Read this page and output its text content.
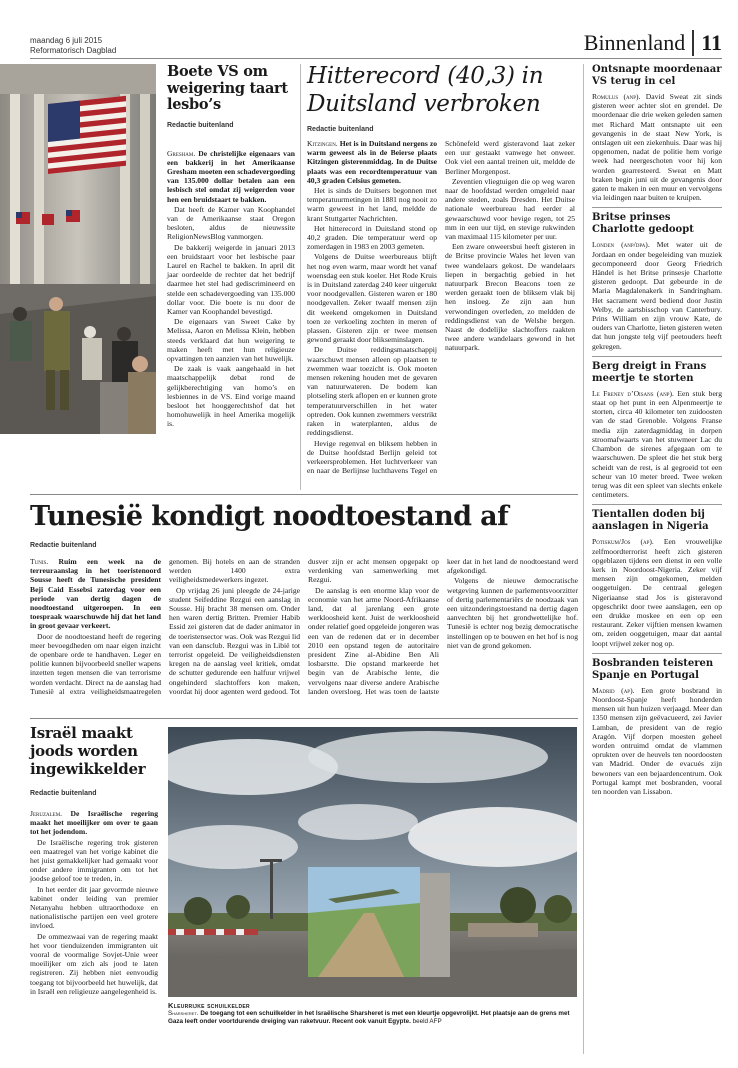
maandag 6 juli 2015
Reformatorisch Dagblad	Binnenland 11
Boete VS om weigering taart lesbo’s
Redactie buitenland

Gresham. De christelijke eigenaars van een bakkerij in het Amerikaanse Gresham moeten een schadevergoeding van 135.000 dollar betalen aan een lesbisch stel omdat zij weigerden voor hen een bruidstaart te bakken.

Dat heeft de Kamer van Koophandel van de Amerikaanse staat Oregon besloten, aldus de nieuwssite ReligionNewsBlog vanmorgen.

De bakkerij weigerde in januari 2013 een bruidstaart voor het lesbische paar Laurel en Rachel te bakken. In april dit jaar oordeelde de rechter dat het bedrijf daarmee het stel had gediscrimineerd en stelde een schadevergoeding van 135.000 dollar voor. Die boete is nu door de Kamer van Koophandel bevestigd.

De eigenaars van Sweet Cake by Melissa, Aaron en Melissa Klein, hebben steeds verklaard dat hun weigering te maken heeft met hun religieuze opvattingen ten aanzien van het huwelijk.

De zaak is vaak aangehaald in het maatschappelijk debat rond de gelijkberechtiging van homo’s en lesbiennes in de VS. Eind vorige maand besloot het hooggerechtshof dat het homohuwelijk in heel Amerika mogelijk is.

Hitterecord (40,3) in Duitsland verbroken
Redactie buitenland

Kitzingen. Het is in Duitsland nergens zo warm geweest als in de Beierse plaats Kitzingen gisterenmiddag. In de Duitse plaats was een recordtemperatuur van 40,3 graden Celsius gemeten.

Het is sinds de Duitsers begonnen met temperatuurmetingen in 1881 nog nooit zo warm geweest in het land, meldde de krant Stuttgarter Nachrichten.

Het hitterecord in Duitsland stond op 40,2 graden. Die temperatuur werd op zomerdagen in 1983 en 2003 gemeten.

Volgens de Duitse weerbureaus blijft het nog even warm, maar wordt het vanaf woensdag een stuk koeler. Het Rode Kruis is in Duitsland zaterdag 240 keer uitgerukt voor noodgevallen. Gisteren waren er 180 noodgevallen. Zeker twaalf mensen zijn dit weekend omgekomen in Duitsland toen ze verkoeling zochten in meren of plassen. Gisteren zijn er twee mensen gewond geraakt door blikseminslagen.

De Duitse reddingsmaatschappij waarschuwt mensen alleen op plaatsen te zwemmen waar toezicht is. Ook moeten mensen rekening houden met de gevaren van natuurwateren. De bodem kan plotseling sterk aflopen en er kunnen grote temperatuurverschillen in het water optreden. Ook kunnen zwemmers verstrikt raken in waterplanten, aldus de reddingsdienst.

Hevige regenval en bliksem hebben in de Duitse hoofdstad Berlijn geleid tot verkeersproblemen. Het luchtverkeer van en naar de Berlijnse luchthavens Tegel en Schönefeld werd gisteravond laat zeker een uur gestaakt vanwege het onweer. Ook viel een aantal treinen uit, meldde de Berliner Morgenpost.

Zeventien vliegtuigen die op weg waren naar de hoofdstad werden omgeleid naar andere steden, zoals Dresden. Het Duitse nationale weerbureau had eerder al gewaarschuwd voor hevige regen, tot 25 mm in een uur tijd, en stevige rukwinden van maximaal 115 kilometer per uur.

Een zware onweersbui heeft gisteren in de Britse provincie Wales het leven van twee wandelaars gekost. De wandelaars liepen in bergachtig gebied in het natuurpark Brecon Beacons toen ze werden geraakt toen de bliksem vlak bij hen insloeg. Ze zijn aan hun verwondingen overleden, zo meldden de reddingsdienst van de Welshe bergen. Naast de dodelijke slachtoffers raakten twee andere wandelaars gewond in het natuurpark.

Ontsnapte moordenaar VS terug in cel

Romulus (anp). David Sweat zit sinds gisteren weer achter slot en grendel. De moordenaar die drie weken geleden samen met Richard Matt ontsnapte uit een gevangenis in de staat New York, is ontslagen uit een ziekenhuis. Daar was hij opgenomen, nadat de politie hem vorige week had neergeschoten voor hij kon worden gearresteerd. Sweat en Matt braken begin juni uit de gevangenis door gaten te maken in een muur en vervolgens via leidingen naar buiten te kruipen.

Britse prinses Charlotte gedoopt

Londen (anp/dpa). Met water uit de Jordaan en onder begeleiding van muziek gecomponeerd door Georg Friedrich Händel is het Britse prinsesje Charlotte gisteren gedoopt. Dat gebeurde in de Maria Magdalenakerk in Sandringham. Het sacrament werd bediend door Justin Welby, de aartsbisschop van Canterbury. Prins William en zijn vrouw Kate, de ouders van Charlotte, lieten gisteren weten dat hun jongste telg vijf peetouders heeft gekregen.

Berg dreigt in Frans meertje te storten

Le Freney d’Oisans (anp). Een stuk berg staat op het punt in een Alpenmeertje te storten, circa 40 kilometer ten zuidoosten van de stad Grenoble. Volgens Franse media zijn zaterdagmiddag in dorpen stroomafwaarts van het stuwmeer Lac du Chambon de sirenes afgegaan om te waarschuwen. De spleet die het stuk berg scheidt van de rest, is al gegroeid tot een scheur van 10 meter breed. Twee weken terug was dit een spleet van slechts enkele centimeters.

Tientallen doden bij aanslagen in Nigeria

Potiskum/Jos (ap). Een vrouwelijke zelfmoordterrorist heeft zich gisteren opgeblazen tijdens een dienst in een volle kerk in Noordoost-Nigeria. Zeker vijf mensen zijn omgekomen, melden ooggetuigen. De centraal gelegen Nigeriaanse stad Jos is gisteravond opgeschrikt door twee aanslagen, een op een drukke moskee en een op een restaurant. Zeker vijftien mensen kwamen om, zeiden ooggetuigen, maar dat aantal loopt vrijwel zeker nog op.

Bosbranden teisteren Spanje en Portugal

Madrid (ap). Een grote bosbrand in Noordoost-Spanje heeft honderden mensen uit hun huizen verjaagd. Meer dan 1350 mensen zijn geëvacueerd, zei Javier Lamban, de president van de regio Aragón. Vijf dorpen moesten geheel worden ontruimd omdat de vlammen oprukten over de heuvels ten noordoosten van Madrid. Onder de evacués zijn bewoners van een bejaardencentrum. Ook Portugal kampt met bosbranden, vooral ten noorden van Lissabon.

Tunesië kondigt noodtoestand af
Redactie buitenland

Tunis. Ruim een week na de terreuraanslag in het toeristenoord Sousse heeft de Tunesische president Beji Caid Essebsi zaterdag voor een periode van dertig dagen de noodtoestand uitgeroepen. In een toespraak waarschuwde hij dat het land in groot gevaar verkeert.

Door de noodtoestand heeft de regering meer bevoegdheden om naar eigen inzicht de openbare orde te handhaven. Leger en politie kunnen bijvoorbeeld sneller wapens inzetten tegen mensen die van terrorisme worden verdacht. Direct na de aanslag had Tunesië al extra veiligheidsmaatregelen genomen. Bij hotels en aan de stranden werden 1400 extra veiligheidsmedewerkers ingezet.

Op vrijdag 26 juni pleegde de 24-jarige student Seifeddine Rezgui een aanslag in Sousse. Hij bracht 38 mensen om. Onder hen waren dertig Britten. Premier Habib Essid zei gisteren dat de dader animator in de toeristensector was. Ook was Rezgui lid van een dansclub. Rezgui was in Libië tot terrorist opgeleid. De veiligheidsdiensten kregen na de aanslag veel kritiek, omdat de schutter gedurende een halfuur vrijwel ongehinderd slachtoffers kon maken, voordat hij door agenten werd gedood. Tot dusver zijn er acht mensen opgepakt op verdenking van samenwerking met Rezgui.

De aanslag is een enorme klap voor de economie van het arme Noord-Afrikaanse land, dat al jarenlang een grote werkloosheid kent. Juist de werkloosheid onder relatief goed opgeleide jongeren was een van de redenen dat er in december 2010 een opstand tegen de autoritaire president Zine al-Abidine Ben Ali losbarstte. Die opstand markeerde het begin van de Arabische lente, die vervolgens naar diverse andere Arabische landen oversloeg. Het was toen de laatste keer dat in het land de noodtoestand werd afgekondigd.

Volgens de nieuwe democratische wetgeving kunnen de parlementsvoorzitter of dertig parlementariërs de noodzaak van een uitzonderingstoestand na dertig dagen aanvechten bij het grondwettelijke hof. Tunesië is echter nog bezig democratische instellingen op te bouwen en het hof is nog niet van de grond gekomen.

Israël maakt joods worden ingewikkelder
Redactie buitenland

Jeruzalem. De Israëlische regering maakt het moeilijker om over te gaan tot het jodendom.

De Israëlische regering trok gisteren een maatregel van het vorige kabinet die het juist gemakkelijker had gemaakt voor onder andere immigranten om tot het joodse geloof toe te treden, in.

In het eerder dit jaar gevormde nieuwe kabinet onder leiding van premier Netanyahu hebben ultraorthodoxe en nationalistische partijen een veel grotere invloed.

De ommezwaai van de regering maakt het voor tienduizenden immigranten uit vooral de voormalige Sovjet-Unie weer moeilijker om zich als jood te laten registreren. Zij hebben niet eenvoudig toegang tot bijvoorbeeld het huwelijk, dat in Israël een religieuze aangelegenheid is.

Kleurrijke schuilkelder
Sharsheret. De toegang tot een schuilkelder in het Israëlische Sharsheret is met een kleurtje opgevrolijkt. Het plaatsje aan de grens met Gaza leeft onder voortdurende dreiging van raketvuur. Recent ook vanuit Egypte. beeld AFP
